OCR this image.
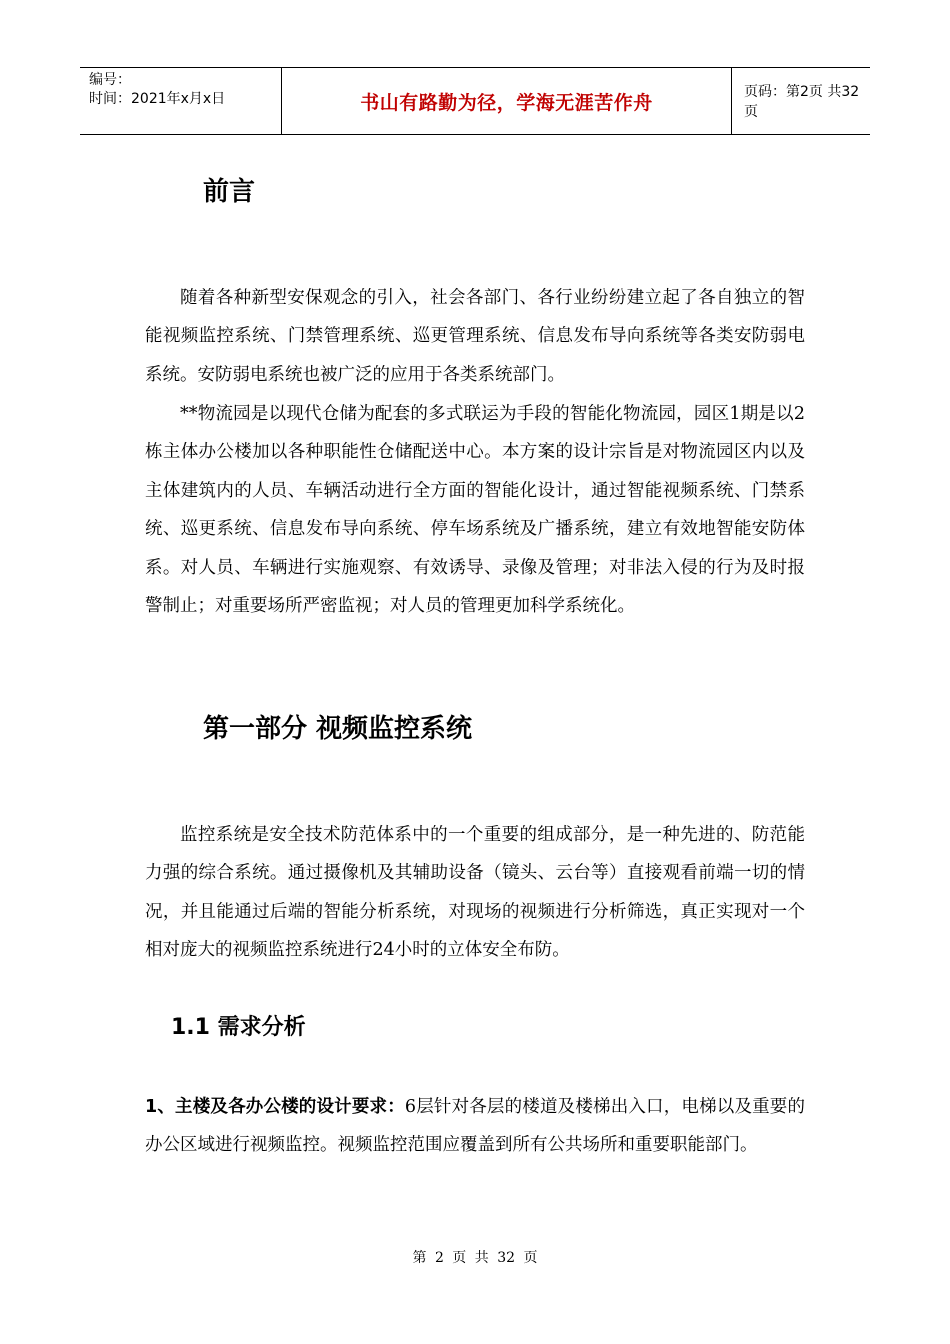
编号：
时间：2021年x月x日	书山有路勤为径，学海无涯苦作舟	页码：第2页 共32页
前言

随着各种新型安保观念的引入，社会各部门、各行业纷纷建立起了各自独立的智能视频监控系统、门禁管理系统、巡更管理系统、信息发布导向系统等各类安防弱电系统。安防弱电系统也被广泛的应用于各类系统部门。

**物流园是以现代仓储为配套的多式联运为手段的智能化物流园，园区1期是以2栋主体办公楼加以各种职能性仓储配送中心。本方案的设计宗旨是对物流园区内以及主体建筑内的人员、车辆活动进行全方面的智能化设计，通过智能视频系统、门禁系统、巡更系统、信息发布导向系统、停车场系统及广播系统，建立有效地智能安防体系。对人员、车辆进行实施观察、有效诱导、录像及管理；对非法入侵的行为及时报警制止；对重要场所严密监视；对人员的管理更加科学系统化。

第一部分 视频监控系统

监控系统是安全技术防范体系中的一个重要的组成部分，是一种先进的、防范能力强的综合系统。通过摄像机及其辅助设备（镜头、云台等）直接观看前端一切的情况，并且能通过后端的智能分析系统，对现场的视频进行分析筛选，真正实现对一个相对庞大的视频监控系统进行24小时的立体安全布防。

1.1 需求分析

1、主楼及各办公楼的设计要求：6层针对各层的楼道及楼梯出入口，电梯以及重要的办公区域进行视频监控。视频监控范围应覆盖到所有公共场所和重要职能部门。

第 2 页 共 32 页
